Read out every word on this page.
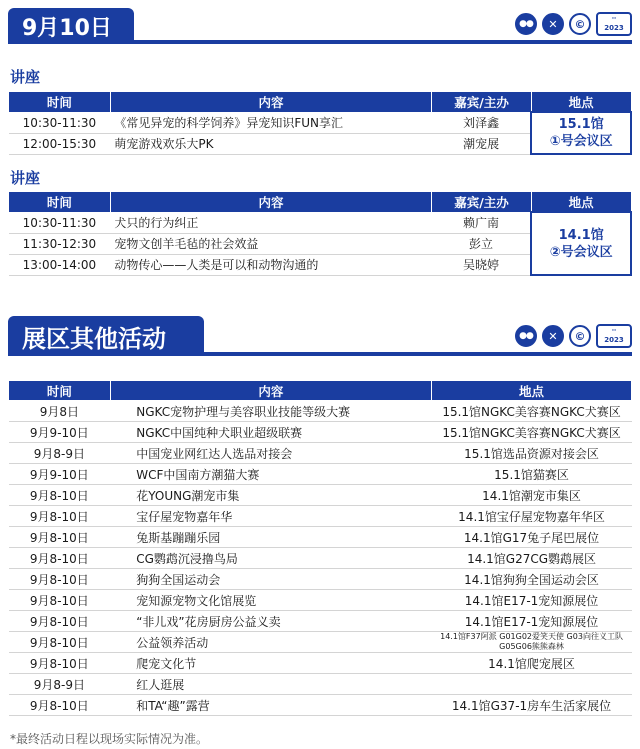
9月10日	●●	✕	©	''
2023
讲座
时间	内容	嘉宾/主办	地点
10:30-11:30	《常见异宠的科学饲养》异宠知识FUN享汇	刘泽鑫	15.1馆
①号会议区

12:00-15:30	萌宠游戏欢乐大PK	潮宠展	
讲座
时间	内容	嘉宾/主办	地点
10:30-11:30	犬只的行为纠正	赖广南	14.1馆
②号会议区

11:30-12:30	宠物文创羊毛毡的社会效益	彭立	
13:00-14:00	动物传心——人类是可以和动物沟通的	吴晓婷	
展区其他活动	●●	✕	©	''
2023
时间	内容	地点
9月8日	NGKC宠物护理与美容职业技能等级大赛	15.1馆NGKC美容赛NGKC犬赛区
9月9-10日	NGKC中国纯种犬职业超级联赛	15.1馆NGKC美容赛NGKC犬赛区
9月8-9日	中国宠业网红达人选品对接会	15.1馆选品资源对接会区
9月9-10日	WCF中国南方潮猫大赛	15.1馆猫赛区
9月8-10日	花YOUNG潮宠市集	14.1馆潮宠市集区
9月8-10日	宝仔屋宠物嘉年华	14.1馆宝仔屋宠物嘉年华区
9月8-10日	兔斯基蹦蹦乐园	14.1馆G17兔子尾巴展位
9月8-10日	CG鹦鹉沉浸撸鸟局	14.1馆G27CG鹦鹉展区
9月8-10日	狗狗全国运动会	14.1馆狗狗全国运动会区
9月8-10日	宠知源宠物文化馆展览	14.1馆E17-1宠知源展位
9月8-10日	“非儿戏”花房厨房公益义卖	14.1馆E17-1宠知源展位
9月8-10日	公益领养活动	14.1馆F37阿派 G01G02爱笑天使 G03向往义工队 G05G06熊熊森林
9月8-10日	爬宠文化节	14.1馆爬宠展区
9月8-9日	红人逛展	
9月8-10日	和TA“趣”露营	14.1馆G37-1房车生活家展位
*最终活动日程以现场实际情况为准。
